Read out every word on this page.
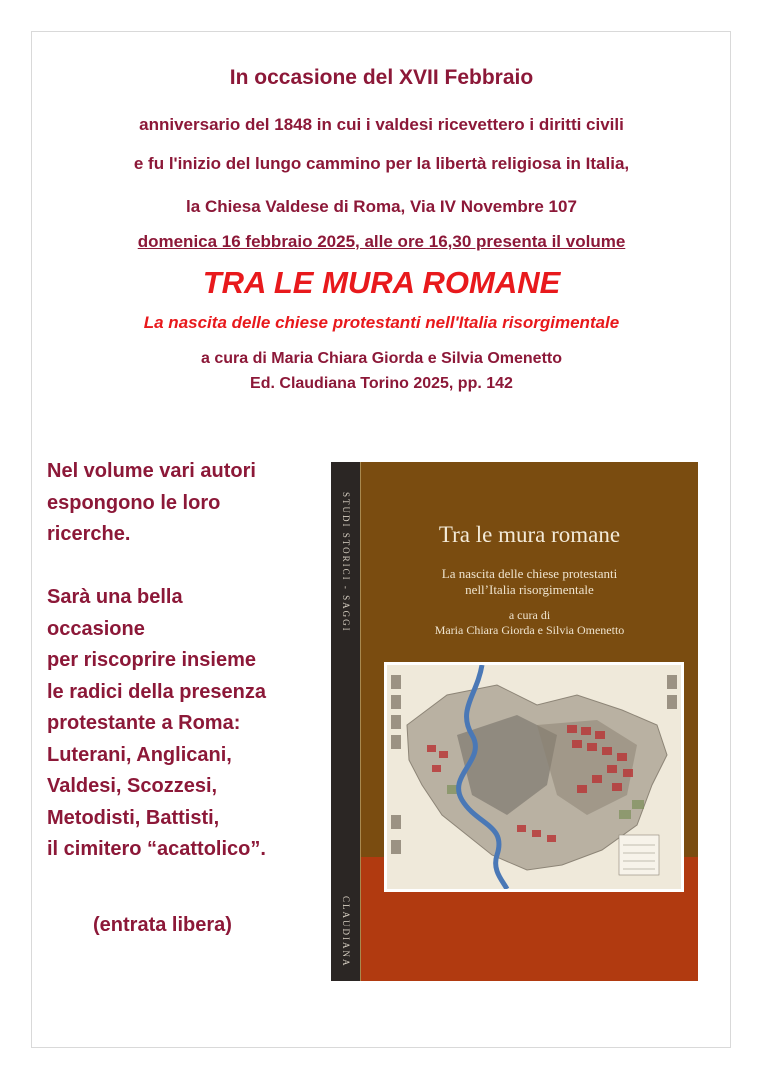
In occasione del XVII Febbraio
anniversario del 1848 in cui i valdesi ricevettero i diritti civili
e fu l'inizio del lungo cammino per la libertà religiosa in Italia,
la Chiesa Valdese di Roma, Via IV Novembre 107
domenica 16 febbraio 2025, alle ore 16,30 presenta il volume
TRA LE MURA ROMANE
La nascita delle chiese protestanti nell'Italia risorgimentale
a cura di Maria Chiara Giorda e Silvia Omenetto
Ed. Claudiana Torino 2025, pp. 142

Nel volume vari autori

espongono le loro

ricerche.

Sarà una bella

occasione

per riscoprire insieme

le radici della presenza

protestante a Roma:

Luterani, Anglicani,

Valdesi, Scozzesi,

Metodisti, Battisti,

il cimitero “acattolico”.

(entrata libera)
STUDI STORICI - SAGGI
CLAUDIANA
Tra le mura romane
La nascita delle chiese protestanti
nell’Italia risorgimentale
a cura di
Maria Chiara Giorda e Silvia Omenetto
